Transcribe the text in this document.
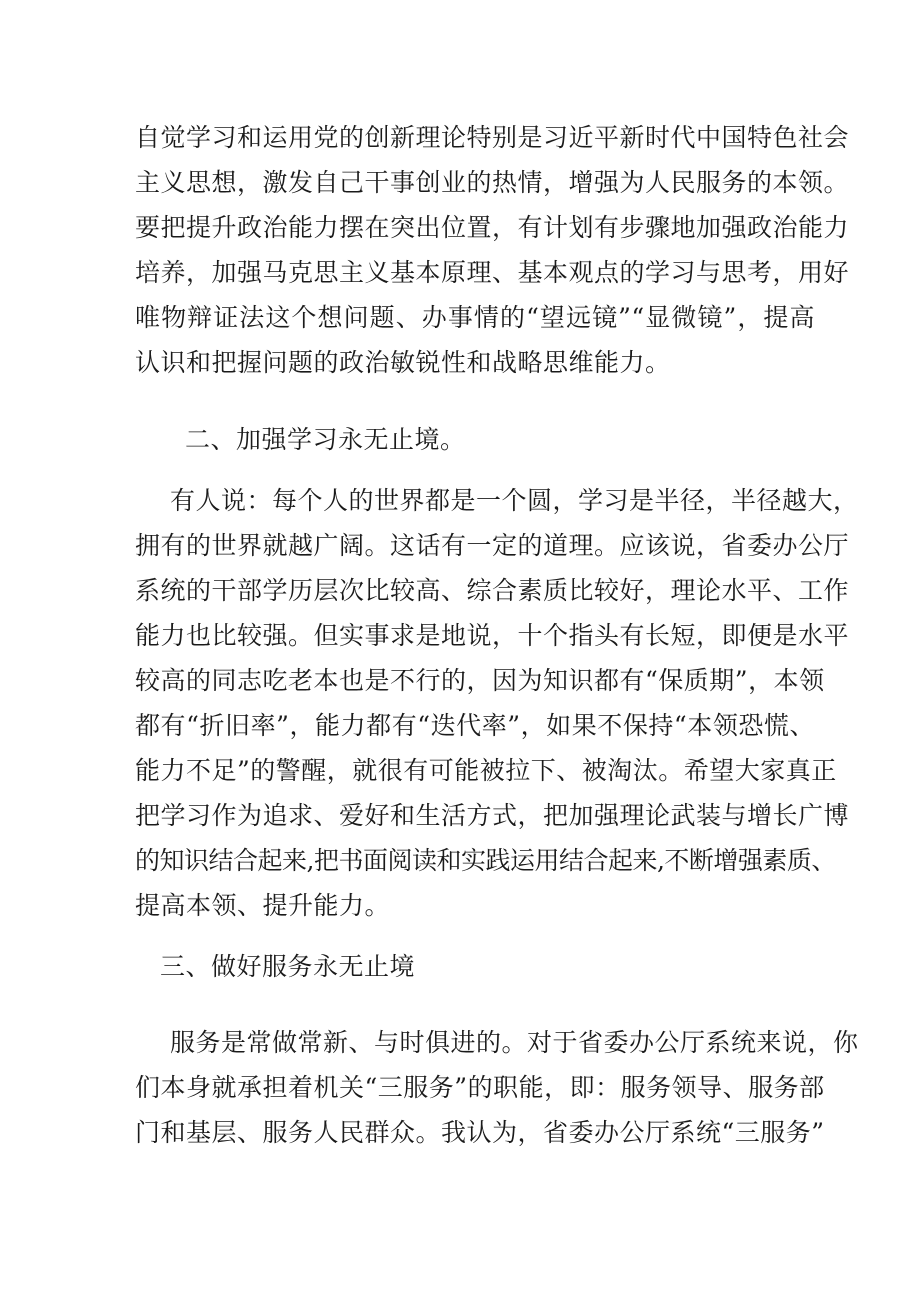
自觉学习和运用党的创新理论特别是习近平新时代中国特色社会
主义思想，激发自己干事创业的热情，增强为人民服务的本领。
要把提升政治能力摆在突出位置，有计划有步骤地加强政治能力
培养，加强马克思主义基本原理、基本观点的学习与思考，用好
唯物辩证法这个想问题、办事情的“望远镜”“显微镜”，提高
认识和把握问题的政治敏锐性和战略思维能力。
二、加强学习永无止境。
有人说：每个人的世界都是一个圆，学习是半径，半径越大，
拥有的世界就越广阔。这话有一定的道理。应该说，省委办公厅
系统的干部学历层次比较高、综合素质比较好，理论水平、工作
能力也比较强。但实事求是地说，十个指头有长短，即便是水平
较高的同志吃老本也是不行的，因为知识都有“保质期”，本领
都有“折旧率”，能力都有“迭代率”，如果不保持“本领恐慌、
能力不足”的警醒，就很有可能被拉下、被淘汰。希望大家真正
把学习作为追求、爱好和生活方式，把加强理论武装与增长广博
的知识结合起来,把书面阅读和实践运用结合起来,不断增强素质、
提高本领、提升能力。
三、做好服务永无止境
服务是常做常新、与时俱进的。对于省委办公厅系统来说，你
们本身就承担着机关“三服务”的职能，即：服务领导、服务部
门和基层、服务人民群众。我认为，省委办公厅系统“三服务”
